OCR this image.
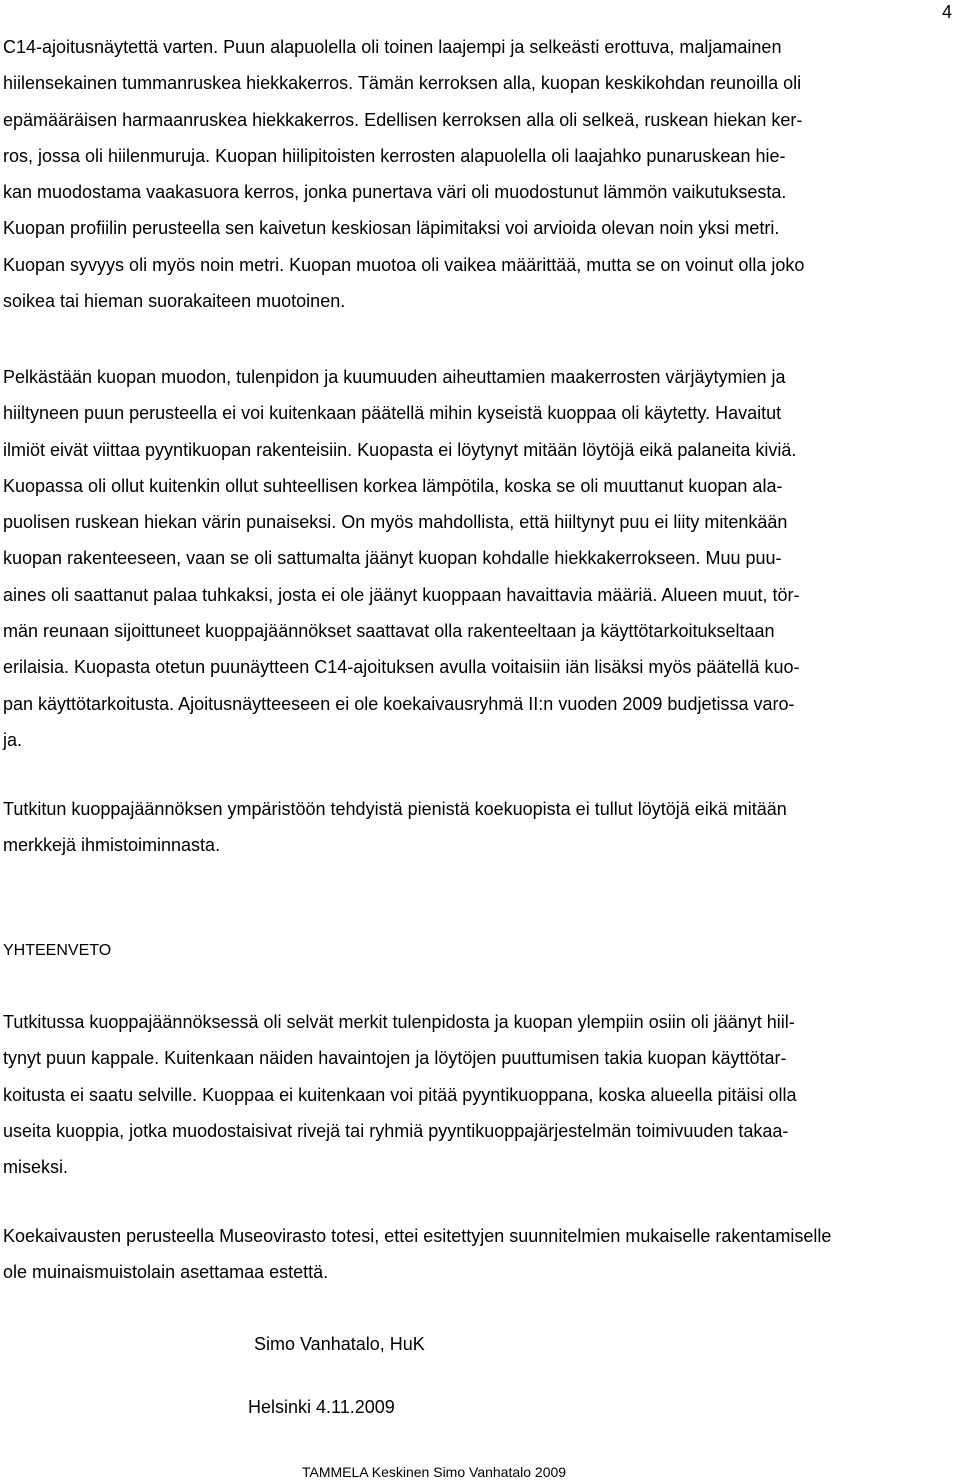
4

C14-ajoitusnäytettä varten. Puun alapuolella oli toinen laajempi ja selkeästi erottuva, maljamainen
hiilensekainen tummanruskea hiekkakerros. Tämän kerroksen alla, kuopan keskikohdan reunoilla oli
epämääräisen harmaanruskea hiekkakerros. Edellisen kerroksen alla oli selkeä, ruskean hiekan ker-
ros, jossa oli hiilenmuruja. Kuopan hiilipitoisten kerrosten alapuolella oli laajahko punaruskean hie-
kan muodostama vaakasuora kerros, jonka punertava väri oli muodostunut lämmön vaikutuksesta.
Kuopan profiilin perusteella sen kaivetun keskiosan läpimitaksi voi arvioida olevan noin yksi metri.
Kuopan syvyys oli myös noin metri. Kuopan muotoa oli vaikea määrittää, mutta se on voinut olla joko
soikea tai hieman suorakaiteen muotoinen.

Pelkästään kuopan muodon, tulenpidon ja kuumuuden aiheuttamien maakerrosten värjäytymien ja
hiiltyneen puun perusteella ei voi kuitenkaan päätellä mihin kyseistä kuoppaa oli käytetty. Havaitut
ilmiöt eivät viittaa pyyntikuopan rakenteisiin. Kuopasta ei löytynyt mitään löytöjä eikä palaneita kiviä.
Kuopassa oli ollut kuitenkin ollut suhteellisen korkea lämpötila, koska se oli muuttanut kuopan ala-
puolisen ruskean hiekan värin punaiseksi. On myös mahdollista, että hiiltynyt puu ei liity mitenkään
kuopan rakenteeseen, vaan se oli sattumalta jäänyt kuopan kohdalle hiekkakerrokseen. Muu puu-
aines oli saattanut palaa tuhkaksi, josta ei ole jäänyt kuoppaan havaittavia määriä. Alueen muut, tör-
män reunaan sijoittuneet kuoppajäännökset saattavat olla rakenteeltaan ja käyttötarkoitukseltaan
erilaisia. Kuopasta otetun puunäytteen C14-ajoituksen avulla voitaisiin iän lisäksi myös päätellä kuo-
pan käyttötarkoitusta. Ajoitusnäytteeseen ei ole koekaivausryhmä II:n vuoden 2009 budjetissa varo-
ja.

Tutkitun kuoppajäännöksen ympäristöön tehdyistä pienistä koekuopista ei tullut löytöjä eikä mitään
merkkejä ihmistoiminnasta.

YHTEENVETO

Tutkitussa kuoppajäännöksessä oli selvät merkit tulenpidosta ja kuopan ylempiin osiin oli jäänyt hiil-
tynyt puun kappale. Kuitenkaan näiden havaintojen ja löytöjen puuttumisen takia kuopan käyttötar-
koitusta ei saatu selville. Kuoppaa ei kuitenkaan voi pitää pyyntikuoppana, koska alueella pitäisi olla
useita kuoppia, jotka muodostaisivat rivejä tai ryhmiä pyyntikuoppajärjestelmän toimivuuden takaa-
miseksi.

Koekaivausten perusteella Museovirasto totesi, ettei esitettyjen suunnitelmien mukaiselle rakentamiselle
ole muinaismuistolain asettamaa estettä.

Simo Vanhatalo, HuK

Helsinki 4.11.2009

TAMMELA Keskinen Simo Vanhatalo 2009
